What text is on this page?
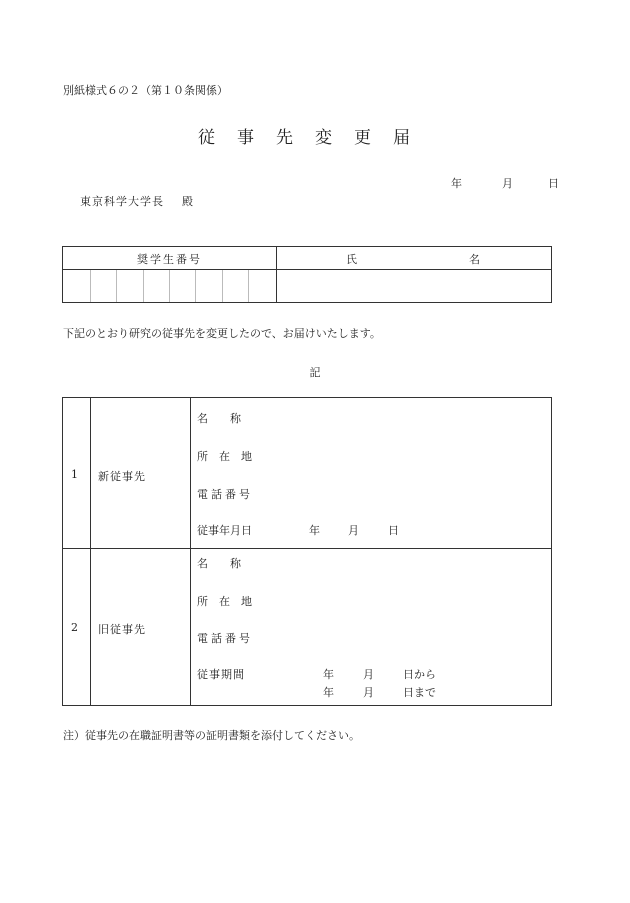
別紙様式６の２（第１０条関係）
従事先変更届
年	月	日
東京科学大学長 殿
奨学生番号	氏	名
下記のとおり研究の従事先を変更したので、お届けいたします。
記
1 新従事先
名　　称
所　在　地
電話番号
従事年月日	年	月	日
2 旧従事先
名　　称
所　在　地
電話番号
従事期間	年	月	日から
年	月	日まで
注）従事先の在職証明書等の証明書類を添付してください。
